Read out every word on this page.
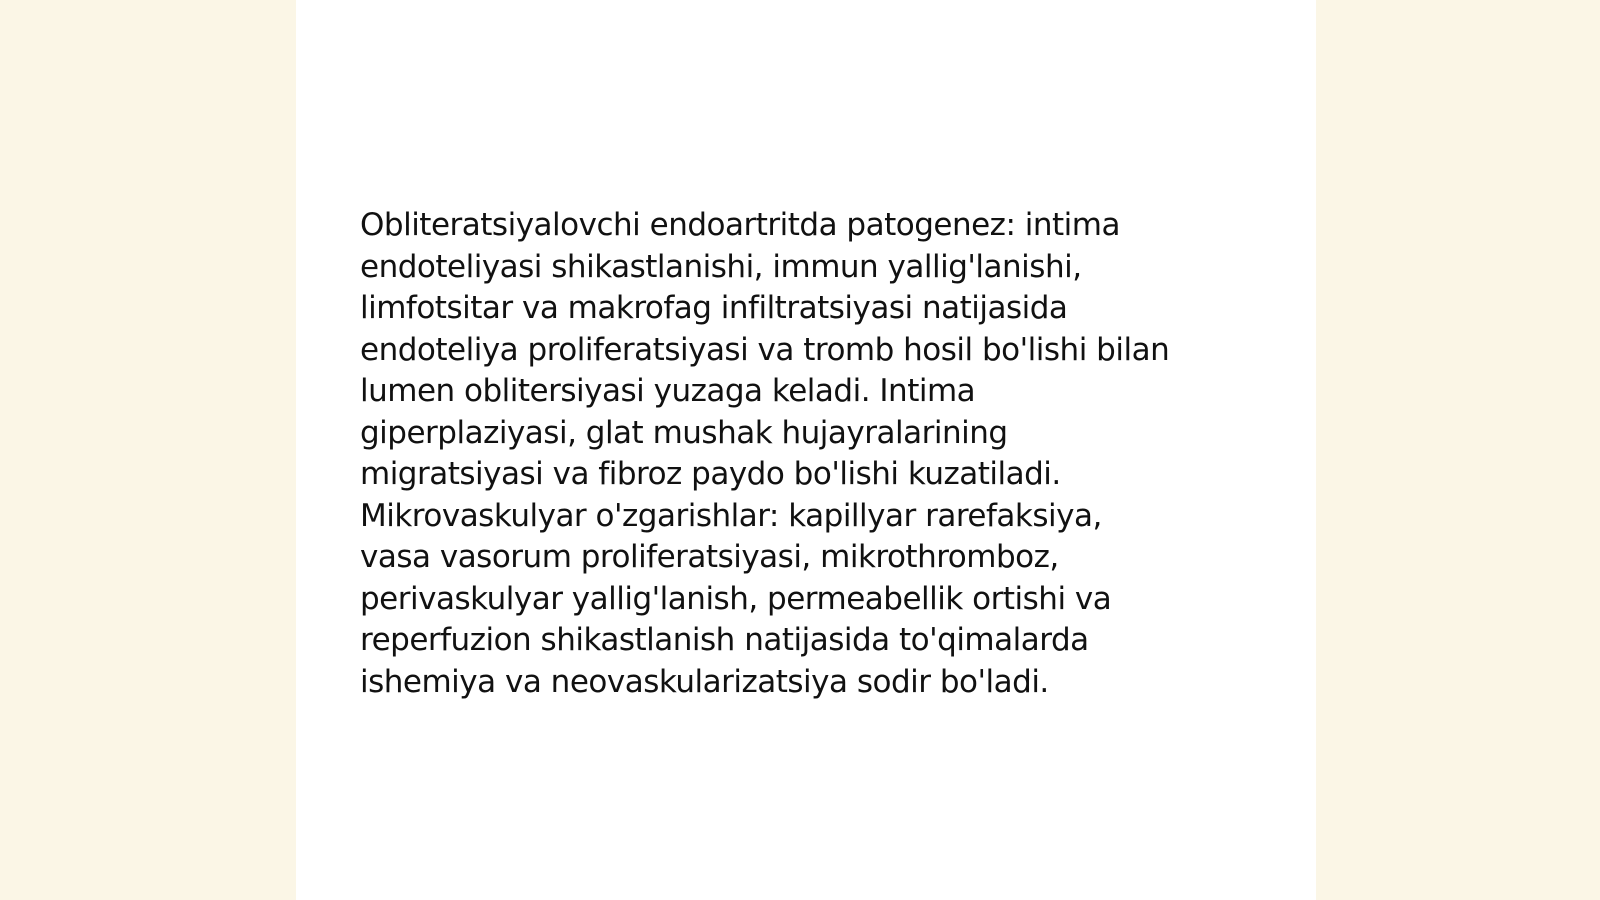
Obliteratsiyalovchi endoartritda patogenez: intima
endoteliyasi shikastlanishi, immun yallig'lanishi,
limfotsitar va makrofag infiltratsiyasi natijasida
endoteliya proliferatsiyasi va tromb hosil bo'lishi bilan
lumen oblitersiyasi yuzaga keladi. Intima
giperplaziyasi, glat mushak hujayralarining
migratsiyasi va fibroz paydo bo'lishi kuzatiladi.
Mikrovaskulyar o'zgarishlar: kapillyar rarefaksiya,
vasa vasorum proliferatsiyasi, mikrothromboz,
perivaskulyar yallig'lanish, permeabellik ortishi va
reperfuzion shikastlanish natijasida to'qimalarda
ishemiya va neovaskularizatsiya sodir bo'ladi.
